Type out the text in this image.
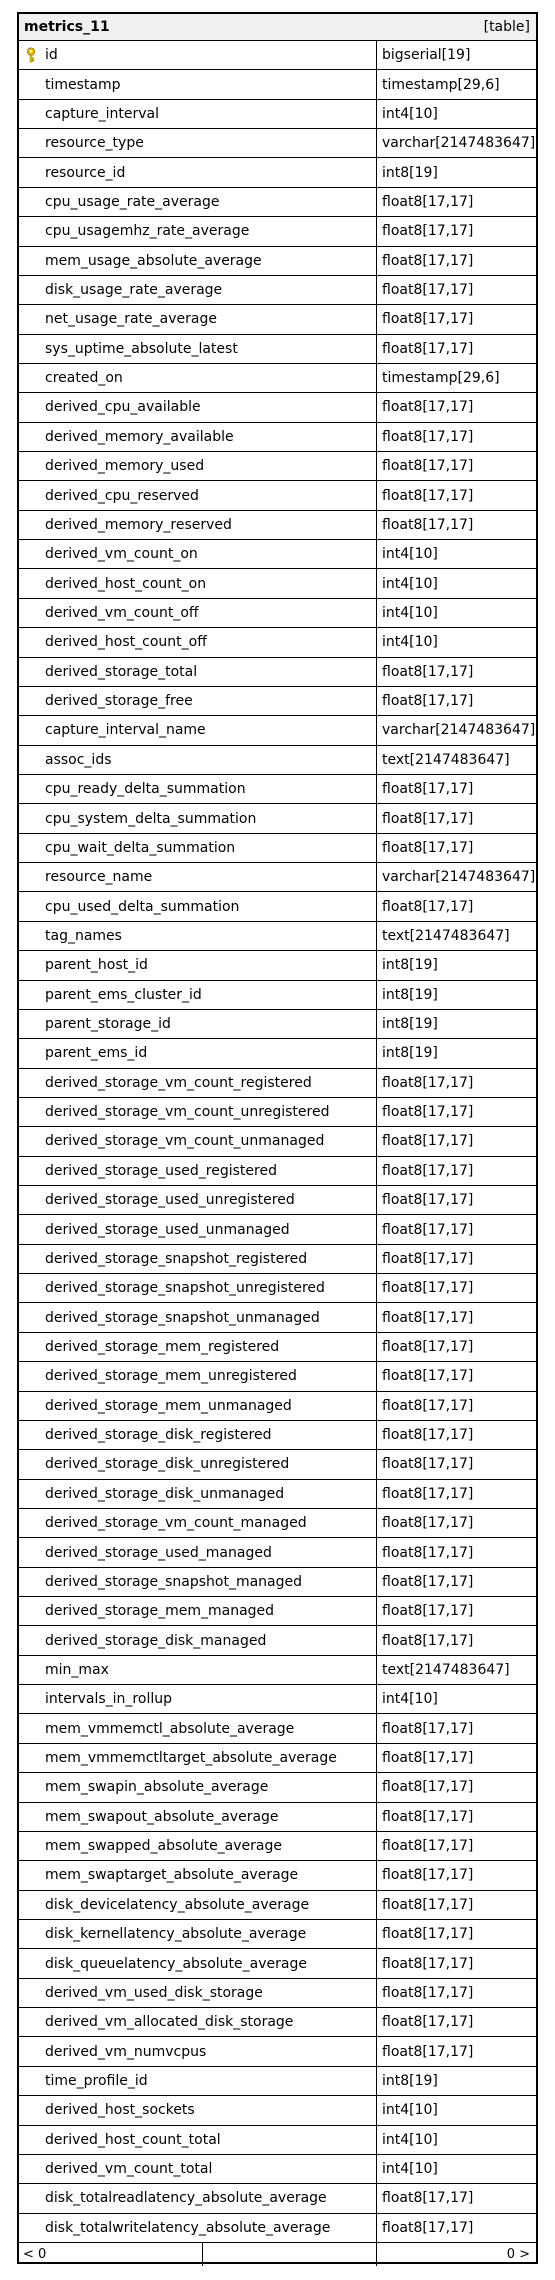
metrics_11	[table]
id	bigserial[19]
timestamp	timestamp[29,6]
capture_interval	int4[10]
resource_type	varchar[2147483647]
resource_id	int8[19]
cpu_usage_rate_average	float8[17,17]
cpu_usagemhz_rate_average	float8[17,17]
mem_usage_absolute_average	float8[17,17]
disk_usage_rate_average	float8[17,17]
net_usage_rate_average	float8[17,17]
sys_uptime_absolute_latest	float8[17,17]
created_on	timestamp[29,6]
derived_cpu_available	float8[17,17]
derived_memory_available	float8[17,17]
derived_memory_used	float8[17,17]
derived_cpu_reserved	float8[17,17]
derived_memory_reserved	float8[17,17]
derived_vm_count_on	int4[10]
derived_host_count_on	int4[10]
derived_vm_count_off	int4[10]
derived_host_count_off	int4[10]
derived_storage_total	float8[17,17]
derived_storage_free	float8[17,17]
capture_interval_name	varchar[2147483647]
assoc_ids	text[2147483647]
cpu_ready_delta_summation	float8[17,17]
cpu_system_delta_summation	float8[17,17]
cpu_wait_delta_summation	float8[17,17]
resource_name	varchar[2147483647]
cpu_used_delta_summation	float8[17,17]
tag_names	text[2147483647]
parent_host_id	int8[19]
parent_ems_cluster_id	int8[19]
parent_storage_id	int8[19]
parent_ems_id	int8[19]
derived_storage_vm_count_registered	float8[17,17]
derived_storage_vm_count_unregistered	float8[17,17]
derived_storage_vm_count_unmanaged	float8[17,17]
derived_storage_used_registered	float8[17,17]
derived_storage_used_unregistered	float8[17,17]
derived_storage_used_unmanaged	float8[17,17]
derived_storage_snapshot_registered	float8[17,17]
derived_storage_snapshot_unregistered	float8[17,17]
derived_storage_snapshot_unmanaged	float8[17,17]
derived_storage_mem_registered	float8[17,17]
derived_storage_mem_unregistered	float8[17,17]
derived_storage_mem_unmanaged	float8[17,17]
derived_storage_disk_registered	float8[17,17]
derived_storage_disk_unregistered	float8[17,17]
derived_storage_disk_unmanaged	float8[17,17]
derived_storage_vm_count_managed	float8[17,17]
derived_storage_used_managed	float8[17,17]
derived_storage_snapshot_managed	float8[17,17]
derived_storage_mem_managed	float8[17,17]
derived_storage_disk_managed	float8[17,17]
min_max	text[2147483647]
intervals_in_rollup	int4[10]
mem_vmmemctl_absolute_average	float8[17,17]
mem_vmmemctltarget_absolute_average	float8[17,17]
mem_swapin_absolute_average	float8[17,17]
mem_swapout_absolute_average	float8[17,17]
mem_swapped_absolute_average	float8[17,17]
mem_swaptarget_absolute_average	float8[17,17]
disk_devicelatency_absolute_average	float8[17,17]
disk_kernellatency_absolute_average	float8[17,17]
disk_queuelatency_absolute_average	float8[17,17]
derived_vm_used_disk_storage	float8[17,17]
derived_vm_allocated_disk_storage	float8[17,17]
derived_vm_numvcpus	float8[17,17]
time_profile_id	int8[19]
derived_host_sockets	int4[10]
derived_host_count_total	int4[10]
derived_vm_count_total	int4[10]
disk_totalreadlatency_absolute_average	float8[17,17]
disk_totalwritelatency_absolute_average	float8[17,17]
< 0	0 >
